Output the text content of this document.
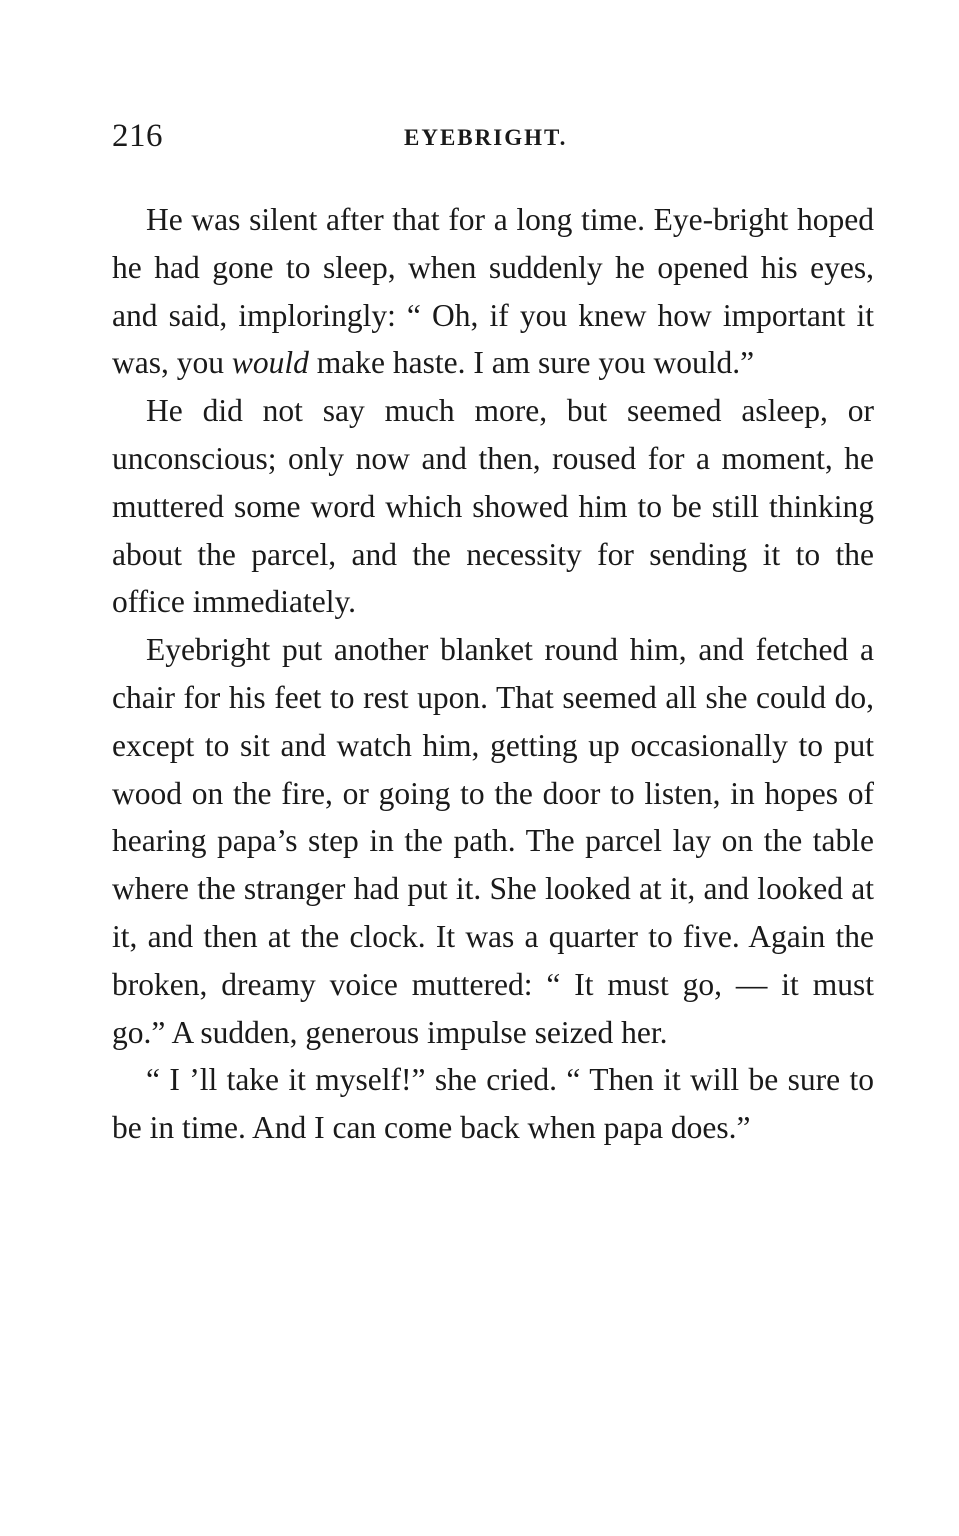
216	EYEBRIGHT.

He was silent after that for a long time. Eye-bright hoped he had gone to sleep, when suddenly he opened his eyes, and said, imploringly: “ Oh, if you knew how important it was, you would make haste. I am sure you would.”

He did not say much more, but seemed asleep, or unconscious; only now and then, roused for a moment, he muttered some word which showed him to be still thinking about the parcel, and the necessity for sending it to the office immediately.

Eyebright put another blanket round him, and fetched a chair for his feet to rest upon. That seemed all she could do, except to sit and watch him, getting up occasionally to put wood on the fire, or going to the door to listen, in hopes of hearing papa’s step in the path. The parcel lay on the table where the stranger had put it. She looked at it, and looked at it, and then at the clock. It was a quarter to five. Again the broken, dreamy voice muttered: “ It must go, — it must go.” A sudden, generous impulse seized her.

“ I ’ll take it myself!” she cried. “ Then it will be sure to be in time. And I can come back when papa does.”
